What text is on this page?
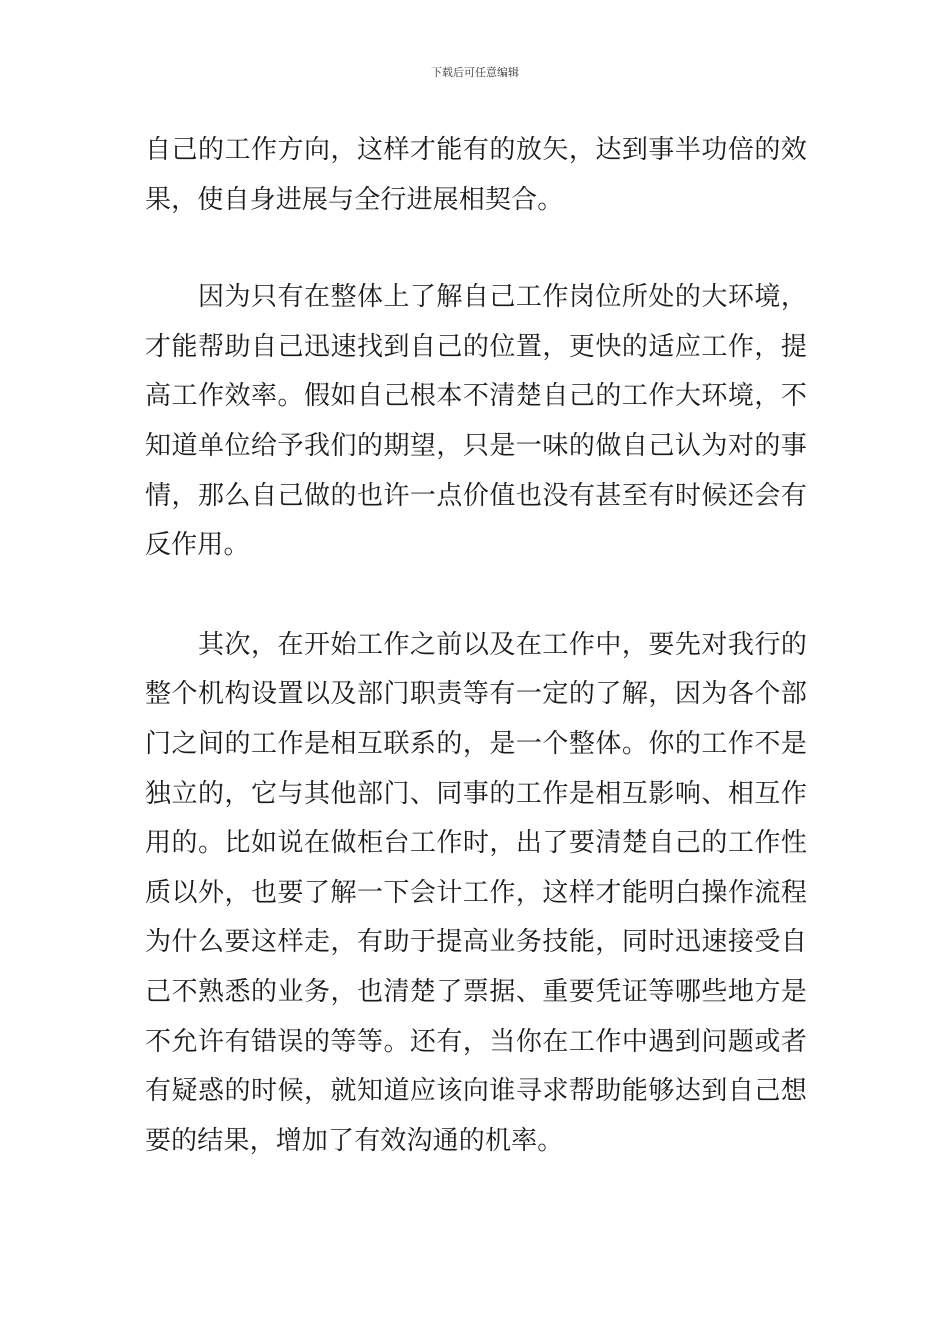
下载后可任意编辑

自己的工作方向，这样才能有的放矢，达到事半功倍的效
果，使自身进展与全行进展相契合。

　　因为只有在整体上了解自己工作岗位所处的大环境，
才能帮助自己迅速找到自己的位置，更快的适应工作，提
高工作效率。假如自己根本不清楚自己的工作大环境，不
知道单位给予我们的期望，只是一味的做自己认为对的事
情，那么自己做的也许一点价值也没有甚至有时候还会有
反作用。

　　其次，在开始工作之前以及在工作中，要先对我行的
整个机构设置以及部门职责等有一定的了解，因为各个部
门之间的工作是相互联系的，是一个整体。你的工作不是
独立的，它与其他部门、同事的工作是相互影响、相互作
用的。比如说在做柜台工作时，出了要清楚自己的工作性
质以外，也要了解一下会计工作，这样才能明白操作流程
为什么要这样走，有助于提高业务技能，同时迅速接受自
己不熟悉的业务，也清楚了票据、重要凭证等哪些地方是
不允许有错误的等等。还有，当你在工作中遇到问题或者
有疑惑的时候，就知道应该向谁寻求帮助能够达到自己想
要的结果，增加了有效沟通的机率。
